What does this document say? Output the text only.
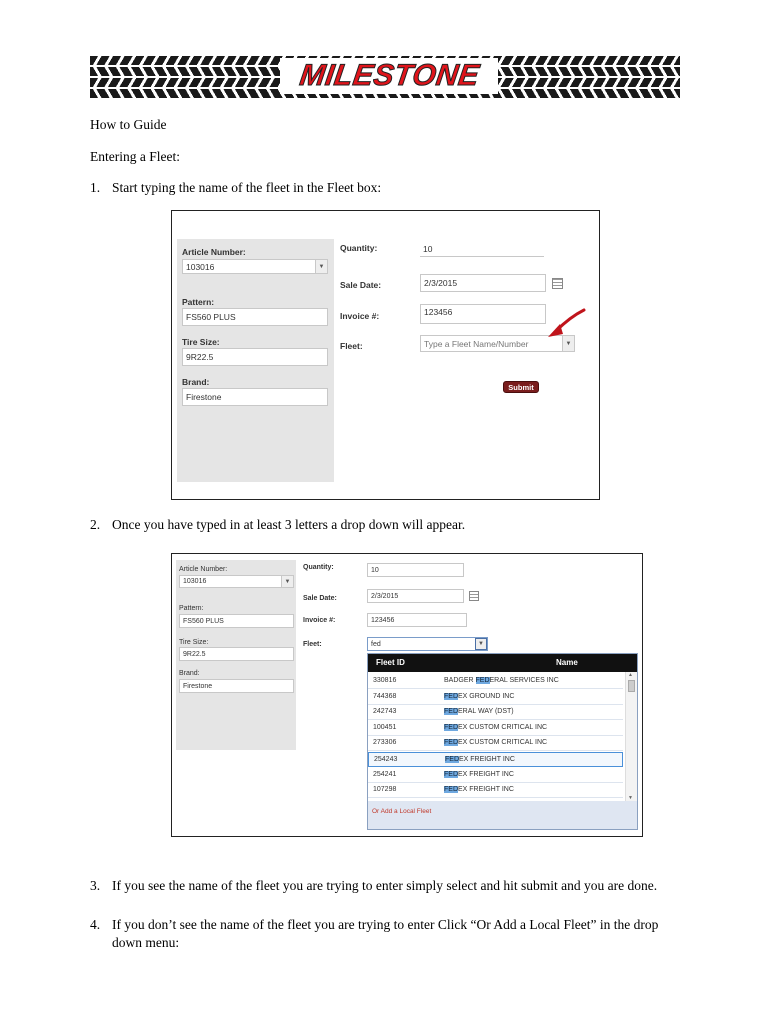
MILESTONE
How to Guide
Entering a Fleet:
1. Start typing the name of the fleet in the Fleet box:
Article Number:
103016	▼
Pattern:
FS560 PLUS
Tire Size:
9R22.5
Brand:
Firestone
Quantity:	10
Sale Date:	2/3/2015
Invoice #:	123456
Fleet:	Type a Fleet Name/Number	▼
Submit
2. Once you have typed in at least 3 letters a drop down will appear.
Article Number:
103016	▼
Pattern:
FS560 PLUS
Tire Size:
9R22.5
Brand:
Firestone
Quantity:	10
Sale Date:	2/3/2015
Invoice #:	123456
Fleet:	fed	▼
Fleet ID	Name
330816	BADGER FEDERAL SERVICES INC
744368	FEDEX GROUND INC
242743	FEDERAL WAY (DST)
100451	FEDEX CUSTOM CRITICAL INC
273306	FEDEX CUSTOM CRITICAL INC
254243	FEDEX FREIGHT INC
254241	FEDEX FREIGHT INC
107298	FEDEX FREIGHT INC
▲
▼
Or Add a Local Fleet
3. If you see the name of the fleet you are trying to enter simply select and hit submit and you are done.
4. If you don’t see the name of the fleet you are trying to enter Click “Or Add a Local Fleet” in the drop down menu:
